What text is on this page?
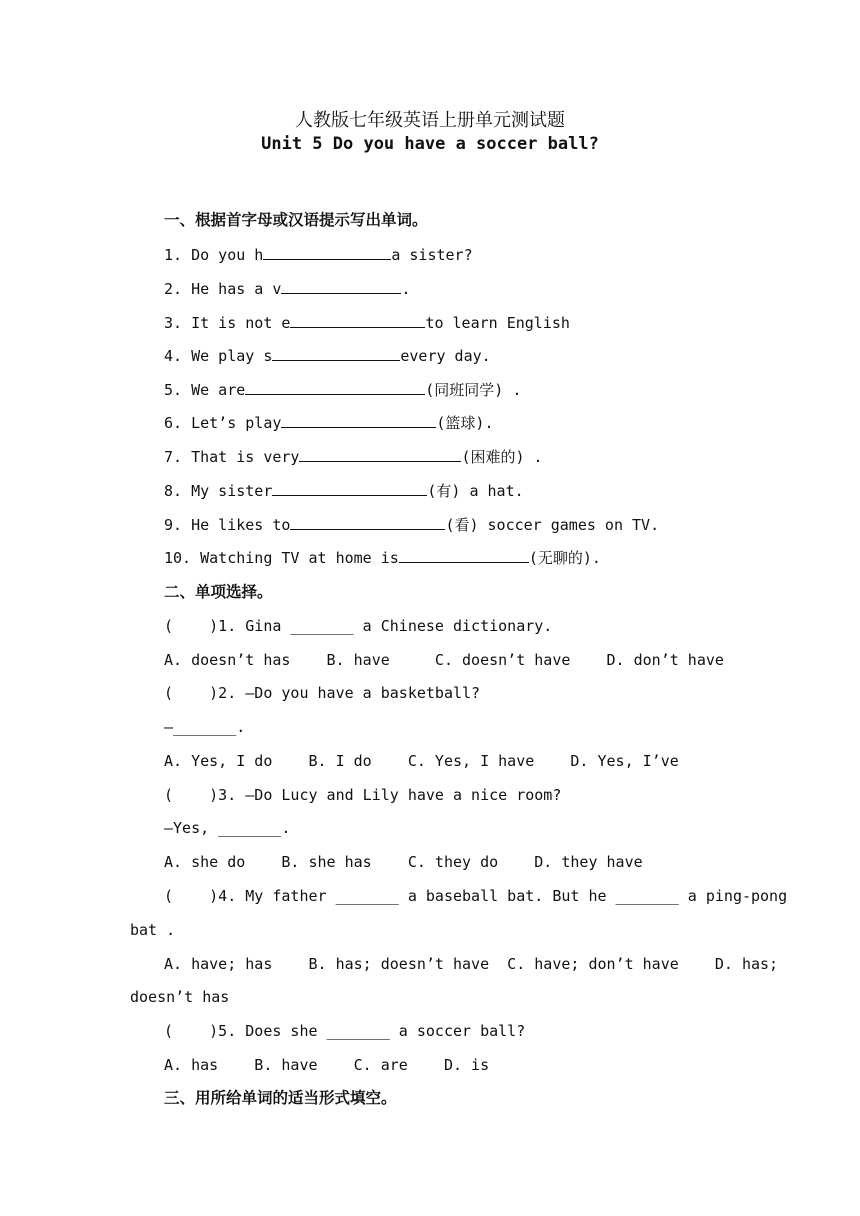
人教版七年级英语上册单元测试题
Unit 5 Do you have a soccer ball?
一、根据首字母或汉语提示写出单词。
1. Do you h	a sister?
2. He has a v	.
3. It is not e	to learn English
4. We play s	every day.
5. We are	(同班同学) .
6. Let’s play	(篮球).
7. That is very	(困难的) .
8. My sister	(有) a hat.
9. He likes to	(看) soccer games on TV.
10. Watching TV at home is	(无聊的).
二、单项选择。
(    )1. Gina _______ a Chinese dictionary.
A. doesn’t has    B. have     C. doesn’t have    D. don’t have
(    )2. —Do you have a basketball?
—_______.
A. Yes, I do    B. I do    C. Yes, I have    D. Yes, I’ve
(    )3. —Do Lucy and Lily have a nice room?
—Yes, _______.
A. she do    B. she has    C. they do    D. they have
(    )4. My father _______ a baseball bat. But he _______ a ping-pong
bat .
A. have; has    B. has; doesn’t have  C. have; don’t have    D. has;
doesn’t has
(    )5. Does she _______ a soccer ball?
A. has    B. have    C. are    D. is
三、用所给单词的适当形式填空。
